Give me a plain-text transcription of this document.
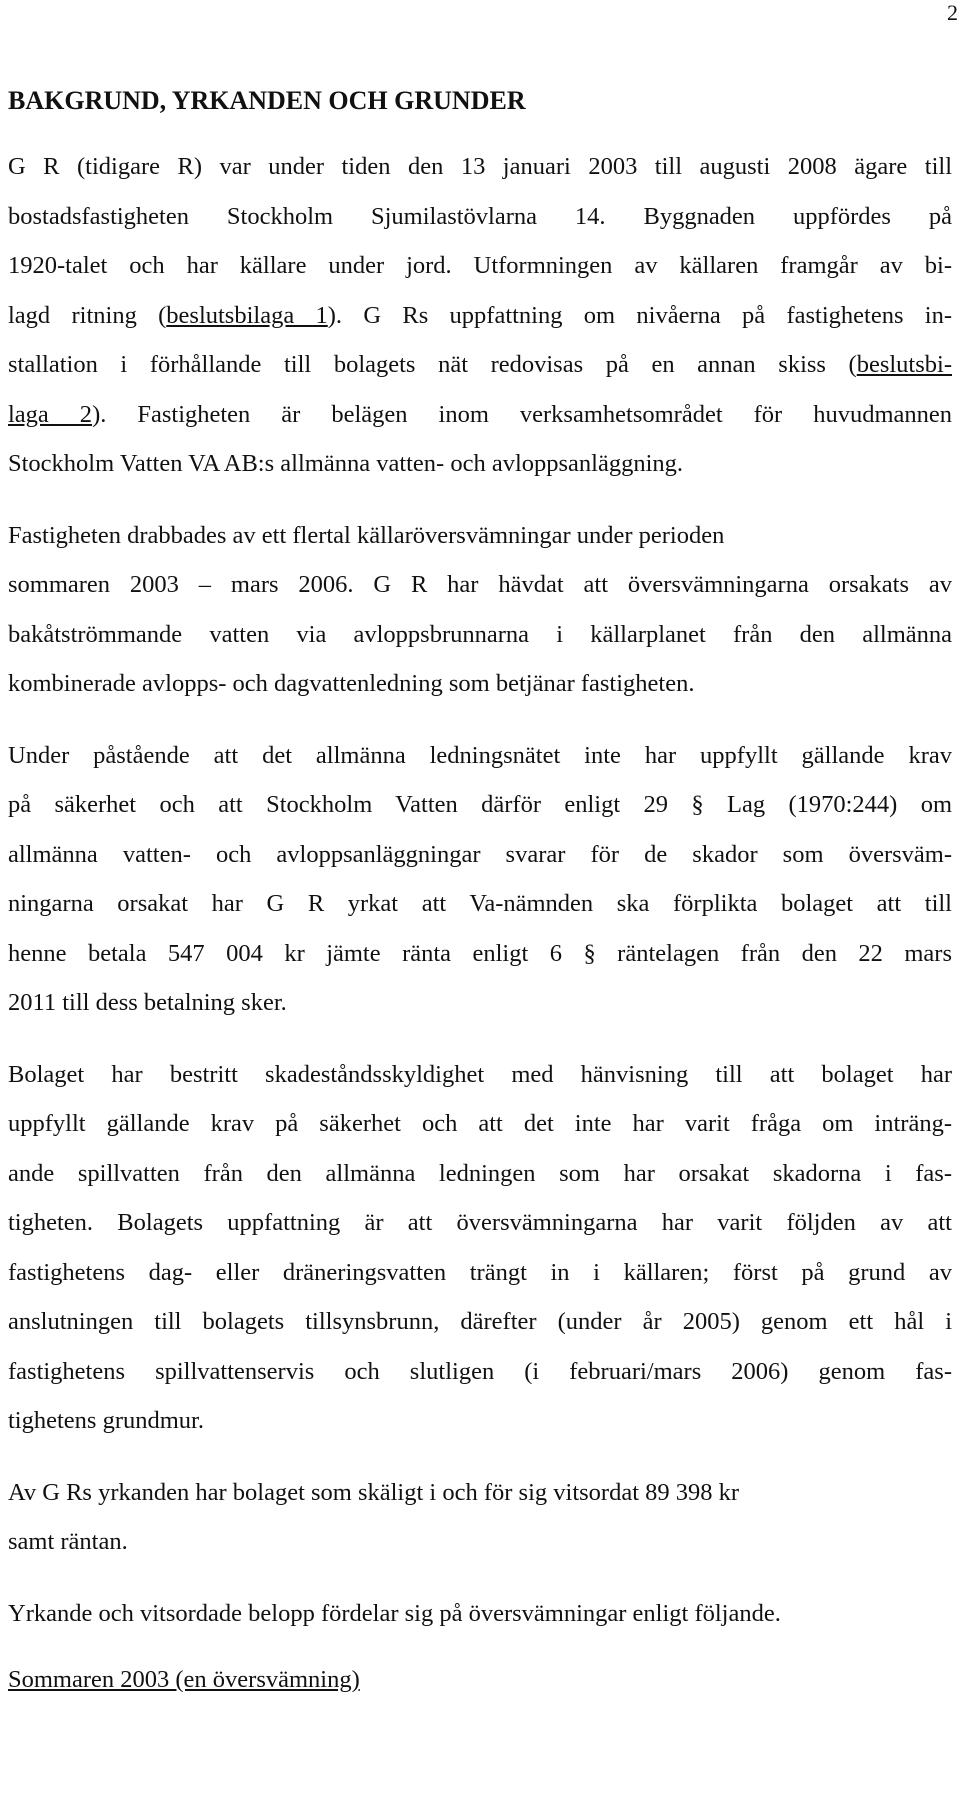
2
BAKGRUND, YRKANDEN OCH GRUNDER
G R (tidigare R) var under tiden den 13 januari 2003 till augusti 2008 ägare till
bostadsfastigheten Stockholm Sjumilastövlarna 14. Byggnaden uppfördes på
1920-talet och har källare under jord. Utformningen av källaren framgår av bi-
lagd ritning (beslutsbilaga 1). G Rs uppfattning om nivåerna på fastighetens in-
stallation i förhållande till bolagets nät redovisas på en annan skiss (beslutsbi-
laga 2). Fastigheten är belägen inom verksamhetsområdet för huvudmannen
Stockholm Vatten VA AB:s allmänna vatten- och avloppsanläggning.
Fastigheten drabbades av ett flertal källaröversvämningar under perioden
sommaren 2003 – mars 2006. G R har hävdat att översvämningarna orsakats av
bakåtströmmande vatten via avloppsbrunnarna i källarplanet från den allmänna
kombinerade avlopps- och dagvattenledning som betjänar fastigheten.
Under påstående att det allmänna ledningsnätet inte har uppfyllt gällande krav
på säkerhet och att Stockholm Vatten därför enligt 29 § Lag (1970:244) om
allmänna vatten- och avloppsanläggningar svarar för de skador som översväm-
ningarna orsakat har G R yrkat att Va-nämnden ska förplikta bolaget att till
henne betala 547 004 kr jämte ränta enligt 6 § räntelagen från den 22 mars
2011 till dess betalning sker.
Bolaget har bestritt skadeståndsskyldighet med hänvisning till att bolaget har
uppfyllt gällande krav på säkerhet och att det inte har varit fråga om inträng-
ande spillvatten från den allmänna ledningen som har orsakat skadorna i fas-
tigheten. Bolagets uppfattning är att översvämningarna har varit följden av att
fastighetens dag- eller dräneringsvatten trängt in i källaren; först på grund av
anslutningen till bolagets tillsynsbrunn, därefter (under år 2005) genom ett hål i
fastighetens spillvattenservis och slutligen (i februari/mars 2006) genom fas-
tighetens grundmur.
Av G Rs yrkanden har bolaget som skäligt i och för sig vitsordat 89 398 kr
samt räntan.
Yrkande och vitsordade belopp fördelar sig på översvämningar enligt följande.
Sommaren 2003 (en översvämning)
